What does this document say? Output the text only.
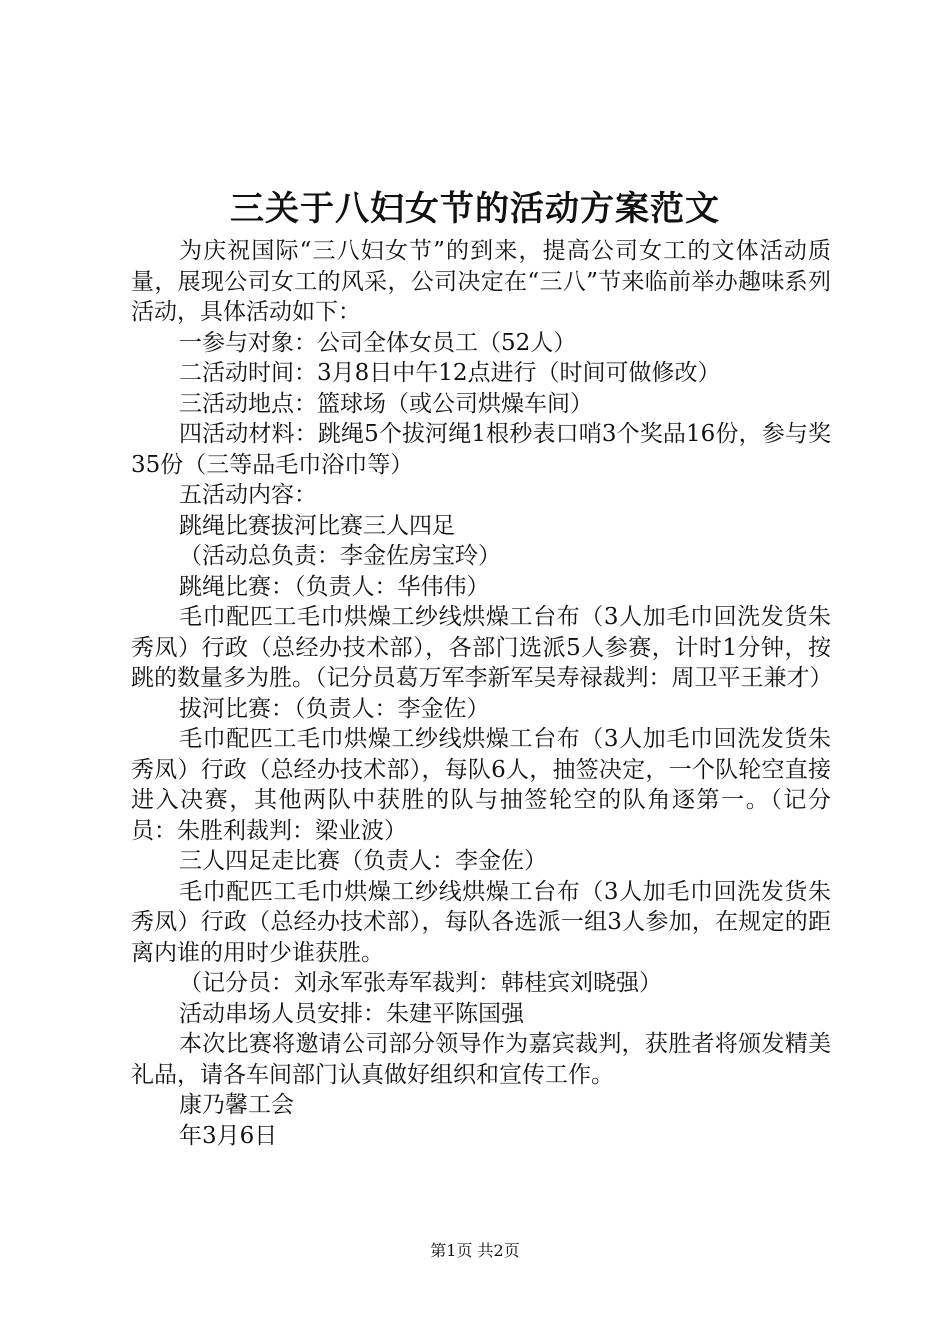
三关于八妇女节的活动方案范文

为庆祝国际“三八妇女节”的到来，提高公司女工的文体活动质量，展现公司女工的风采，公司决定在“三八”节来临前举办趣味系列活动，具体活动如下：

一参与对象：公司全体女员工（52人）

二活动时间：3月8日中午12点进行（时间可做修改）

三活动地点：篮球场（或公司烘燥车间）

四活动材料：跳绳5个拔河绳1根秒表口哨3个奖品16份，参与奖35份（三等品毛巾浴巾等）

五活动内容：

跳绳比赛拔河比赛三人四足

（活动总负责：李金佐房宝玲）

跳绳比赛：（负责人：华伟伟）

毛巾配匹工毛巾烘燥工纱线烘燥工台布（3人加毛巾回洗发货朱秀凤）行政（总经办技术部），各部门选派5人参赛，计时1分钟，按跳的数量多为胜。（记分员葛万军李新军吴寿禄裁判：周卫平王兼才）

拔河比赛：（负责人：李金佐）

毛巾配匹工毛巾烘燥工纱线烘燥工台布（3人加毛巾回洗发货朱秀凤）行政（总经办技术部），每队6人，抽签决定，一个队轮空直接进入决赛，其他两队中获胜的队与抽签轮空的队角逐第一。（记分员：朱胜利裁判：梁业波）

三人四足走比赛（负责人：李金佐）

毛巾配匹工毛巾烘燥工纱线烘燥工台布（3人加毛巾回洗发货朱秀凤）行政（总经办技术部），每队各选派一组3人参加，在规定的距离内谁的用时少谁获胜。

（记分员：刘永军张寿军裁判：韩桂宾刘晓强）

活动串场人员安排：朱建平陈国强

本次比赛将邀请公司部分领导作为嘉宾裁判，获胜者将颁发精美礼品，请各车间部门认真做好组织和宣传工作。

康乃馨工会

年3月6日

第1页 共2页
